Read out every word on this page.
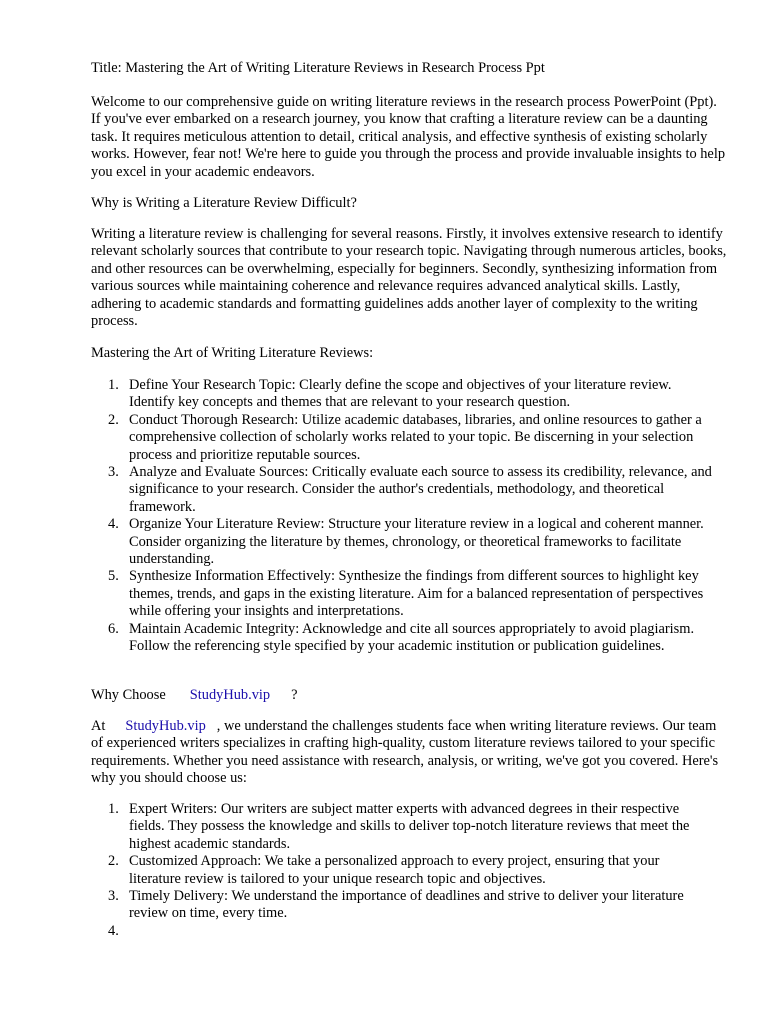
Title: Mastering the Art of Writing Literature Reviews in Research Process Ppt

Welcome to our comprehensive guide on writing literature reviews in the research process PowerPoint (Ppt). If you've ever embarked on a research journey, you know that crafting a literature review can be a daunting task. It requires meticulous attention to detail, critical analysis, and effective synthesis of existing scholarly works. However, fear not! We're here to guide you through the process and provide invaluable insights to help you excel in your academic endeavors.

Why is Writing a Literature Review Difficult?

Writing a literature review is challenging for several reasons. Firstly, it involves extensive research to identify relevant scholarly sources that contribute to your research topic. Navigating through numerous articles, books, and other resources can be overwhelming, especially for beginners. Secondly, synthesizing information from various sources while maintaining coherence and relevance requires advanced analytical skills. Lastly, adhering to academic standards and formatting guidelines adds another layer of complexity to the writing process.

Mastering the Art of Writing Literature Reviews:

1. Define Your Research Topic: Clearly define the scope and objectives of your literature review. Identify key concepts and themes that are relevant to your research question.
2. Conduct Thorough Research: Utilize academic databases, libraries, and online resources to gather a comprehensive collection of scholarly works related to your topic. Be discerning in your selection process and prioritize reputable sources.
3. Analyze and Evaluate Sources: Critically evaluate each source to assess its credibility, relevance, and significance to your research. Consider the author's credentials, methodology, and theoretical framework.
4. Organize Your Literature Review: Structure your literature review in a logical and coherent manner. Consider organizing the literature by themes, chronology, or theoretical frameworks to facilitate understanding.
5. Synthesize Information Effectively: Synthesize the findings from different sources to highlight key themes, trends, and gaps in the existing literature. Aim for a balanced representation of perspectives while offering your insights and interpretations.
6. Maintain Academic Integrity: Acknowledge and cite all sources appropriately to avoid plagiarism. Follow the referencing style specified by your academic institution or publication guidelines.

Why Choose StudyHub.vip ?

At StudyHub.vip , we understand the challenges students face when writing literature reviews. Our team of experienced writers specializes in crafting high-quality, custom literature reviews tailored to your specific requirements. Whether you need assistance with research, analysis, or writing, we've got you covered. Here's why you should choose us:

1. Expert Writers: Our writers are subject matter experts with advanced degrees in their respective fields. They possess the knowledge and skills to deliver top-notch literature reviews that meet the highest academic standards.
2. Customized Approach: We take a personalized approach to every project, ensuring that your literature review is tailored to your unique research topic and objectives.
3. Timely Delivery: We understand the importance of deadlines and strive to deliver your literature review on time, every time.
4.
